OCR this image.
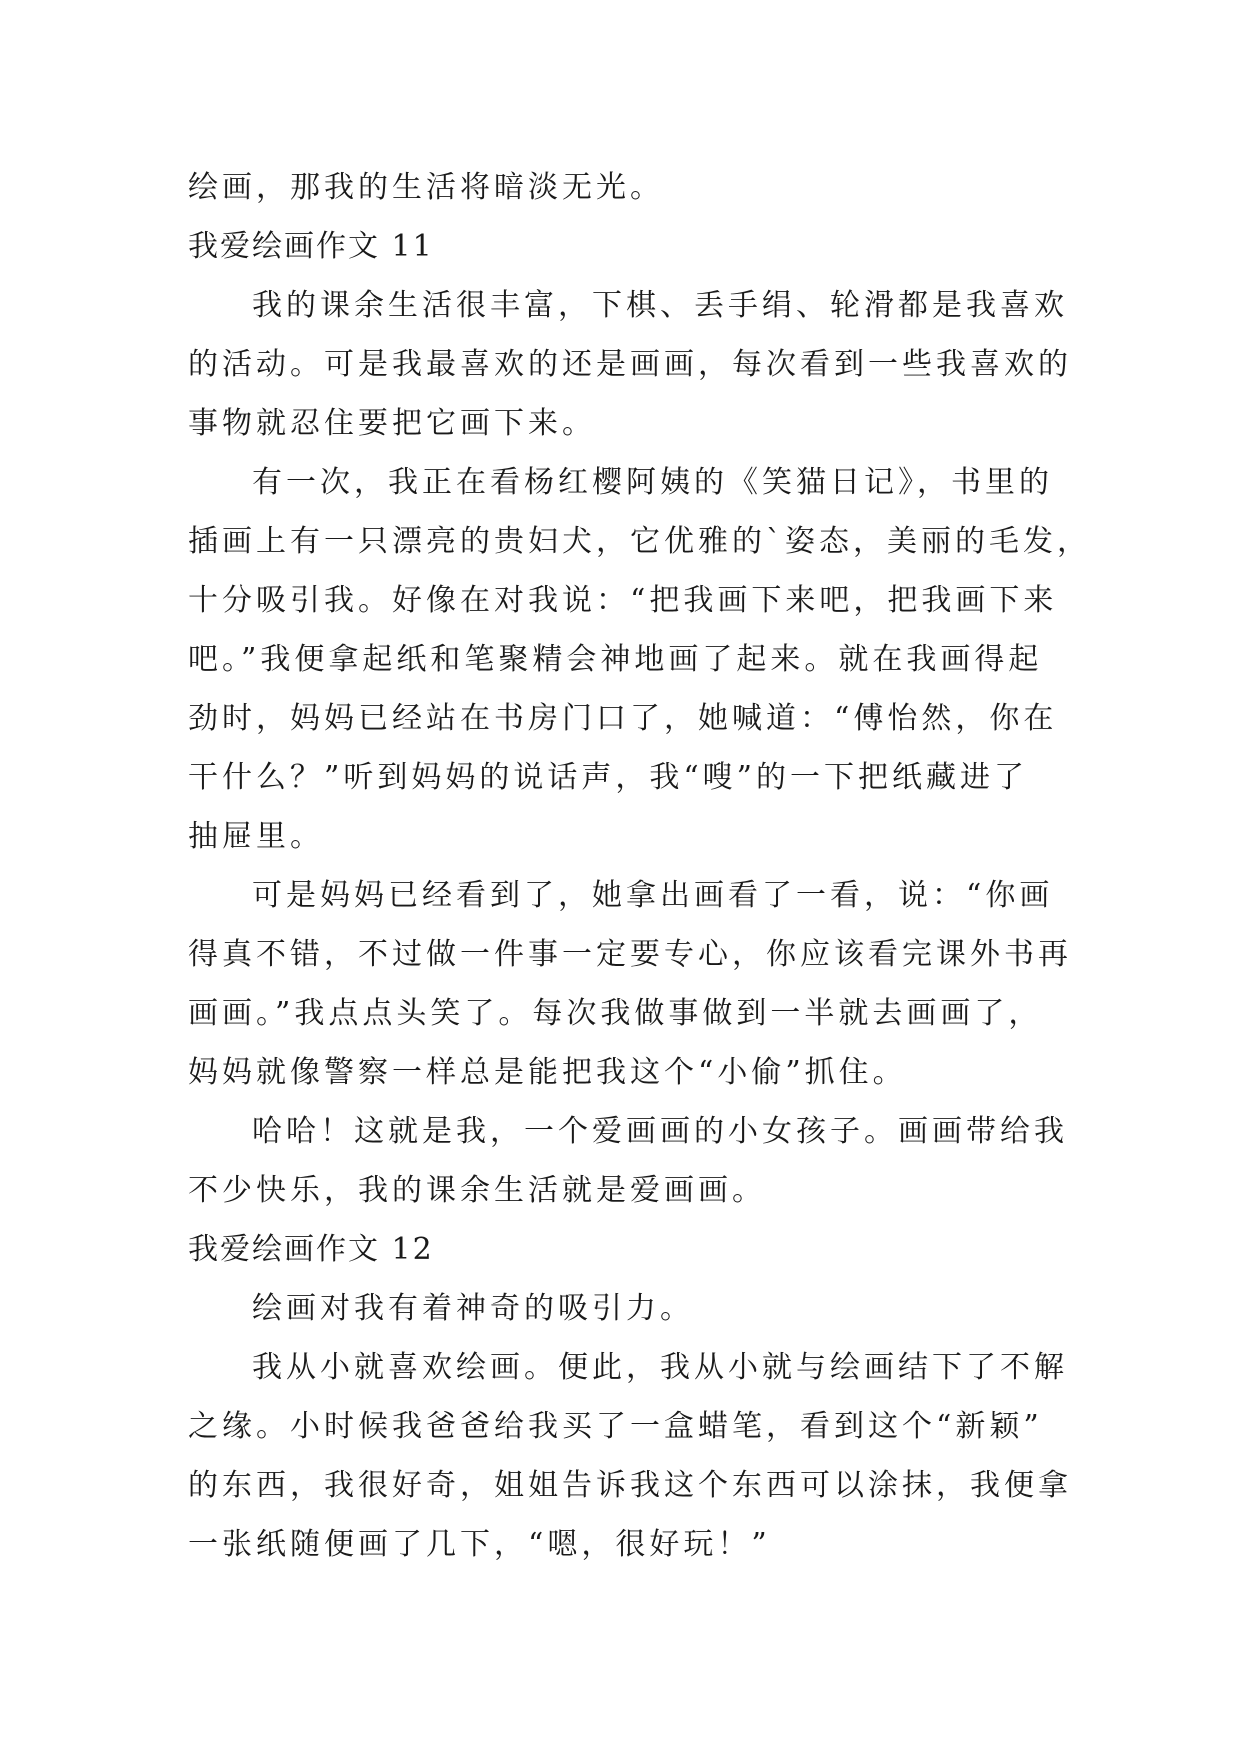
绘画，那我的生活将暗淡无光。
我爱绘画作文 11
我的课余生活很丰富，下棋、丢手绢、轮滑都是我喜欢
的活动。可是我最喜欢的还是画画，每次看到一些我喜欢的
事物就忍住要把它画下来。
有一次，我正在看杨红樱阿姨的《笑猫日记》，书里的
插画上有一只漂亮的贵妇犬，它优雅的`姿态，美丽的毛发，
十分吸引我。好像在对我说：“把我画下来吧，把我画下来
吧。”我便拿起纸和笔聚精会神地画了起来。就在我画得起
劲时，妈妈已经站在书房门口了，她喊道：“傅怡然，你在
干什么？”听到妈妈的说话声，我“嗖”的一下把纸藏进了
抽屉里。
可是妈妈已经看到了，她拿出画看了一看，说：“你画
得真不错，不过做一件事一定要专心，你应该看完课外书再
画画。”我点点头笑了。每次我做事做到一半就去画画了，
妈妈就像警察一样总是能把我这个“小偷”抓住。
哈哈！这就是我，一个爱画画的小女孩子。画画带给我
不少快乐，我的课余生活就是爱画画。
我爱绘画作文 12
绘画对我有着神奇的吸引力。
我从小就喜欢绘画。便此，我从小就与绘画结下了不解
之缘。小时候我爸爸给我买了一盒蜡笔，看到这个“新颖”
的东西，我很好奇，姐姐告诉我这个东西可以涂抹，我便拿
一张纸随便画了几下，“嗯，很好玩！”
